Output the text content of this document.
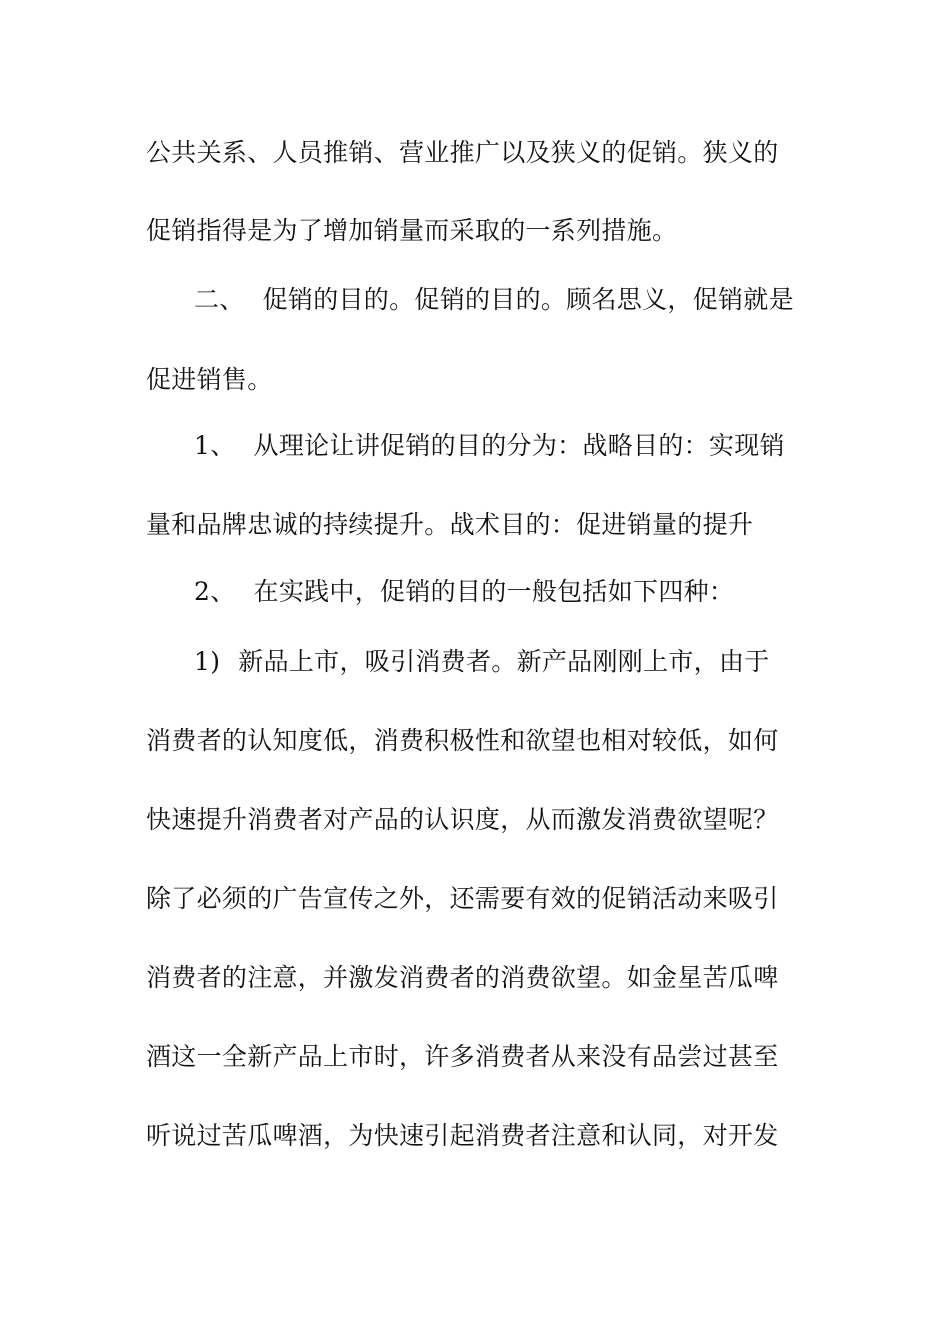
公共关系、人员推销、营业推广以及狭义的促销。狭义的
促销指得是为了增加销量而采取的一系列措施。
二、 促销的目的。促销的目的。顾名思义，促销就是
促进销售。
1、 从理论让讲促销的目的分为：战略目的：实现销
量和品牌忠诚的持续提升。战术目的：促进销量的提升
2、 在实践中，促销的目的一般包括如下四种：
1) 新品上市，吸引消费者。新产品刚刚上市，由于
消费者的认知度低，消费积极性和欲望也相对较低，如何
快速提升消费者对产品的认识度，从而激发消费欲望呢？
除了必须的广告宣传之外，还需要有效的促销活动来吸引
消费者的注意，并激发消费者的消费欲望。如金星苦瓜啤
酒这一全新产品上市时，许多消费者从来没有品尝过甚至
听说过苦瓜啤酒，为快速引起消费者注意和认同，对开发
